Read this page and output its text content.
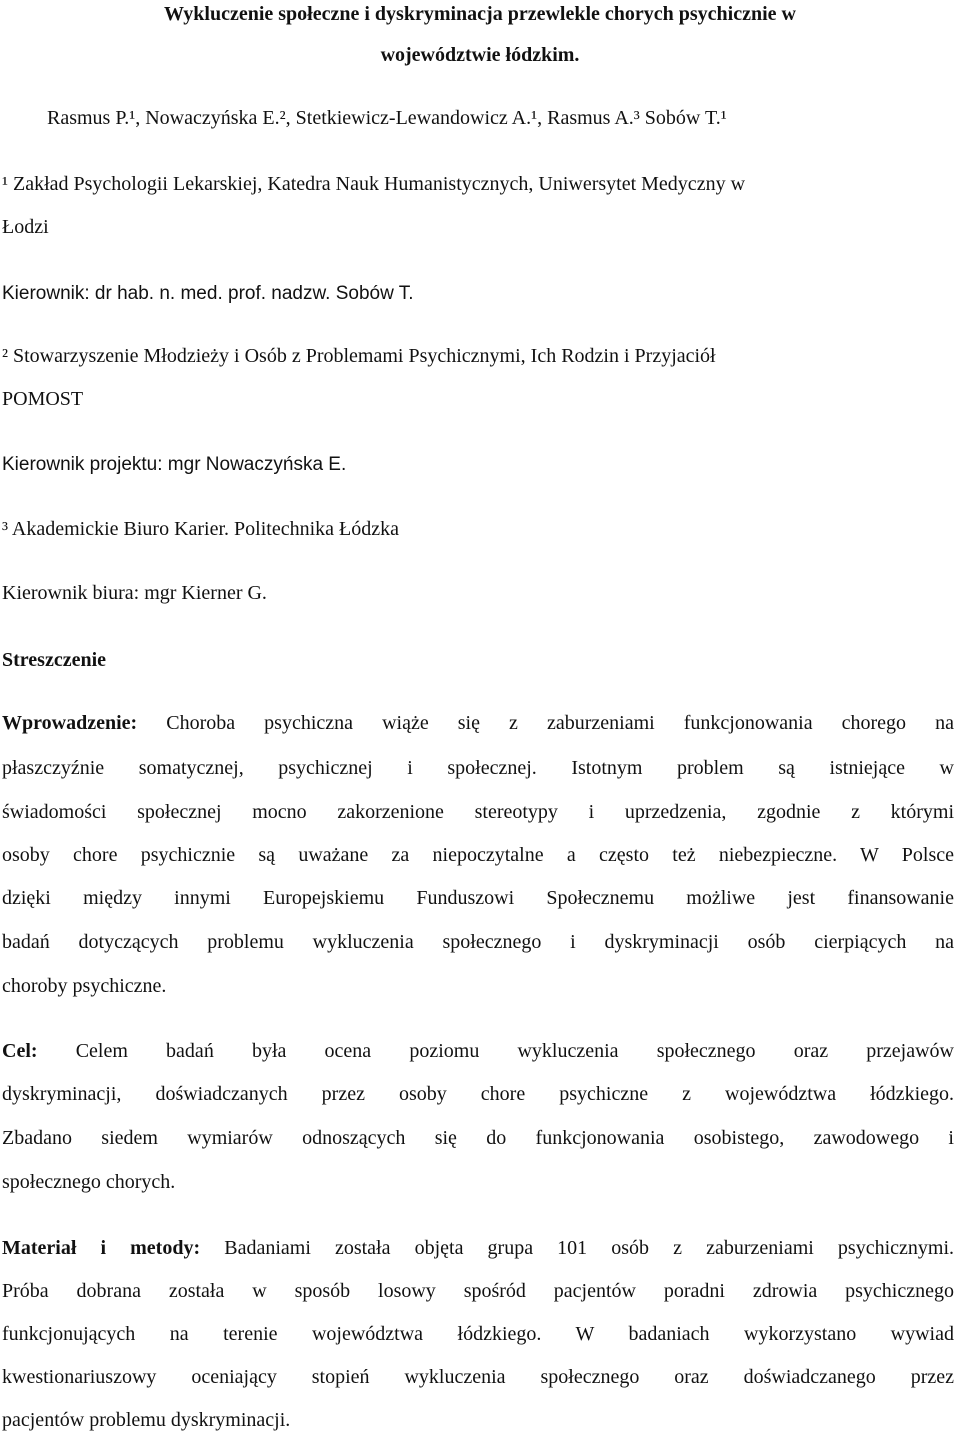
Wykluczenie społeczne i dyskryminacja przewlekle chorych psychicznie w
województwie łódzkim.
Rasmus P.¹, Nowaczyńska E.², Stetkiewicz-Lewandowicz A.¹, Rasmus A.³ Sobów T.¹
¹ Zakład Psychologii Lekarskiej, Katedra Nauk Humanistycznych, Uniwersytet Medyczny w
Łodzi
Kierownik: dr hab. n. med. prof. nadzw. Sobów T.
² Stowarzyszenie Młodzieży i Osób z Problemami Psychicznymi, Ich Rodzin i Przyjaciół
POMOST
Kierownik projektu: mgr Nowaczyńska E.
³ Akademickie Biuro Karier. Politechnika Łódzka
Kierownik biura: mgr Kierner G.
Streszczenie
Wprowadzenie: Choroba psychiczna wiąże się z zaburzeniami funkcjonowania chorego na
płaszczyźnie somatycznej, psychicznej i społecznej. Istotnym problem są istniejące w
świadomości społecznej mocno zakorzenione stereotypy i uprzedzenia, zgodnie z którymi
osoby chore psychicznie są uważane za niepoczytalne a często też niebezpieczne. W Polsce
dzięki między innymi Europejskiemu Funduszowi Społecznemu możliwe jest finansowanie
badań dotyczących problemu wykluczenia społecznego i dyskryminacji osób cierpiących na
choroby psychiczne.
Cel: Celem badań była ocena poziomu wykluczenia społecznego oraz przejawów
dyskryminacji, doświadczanych przez osoby chore psychiczne z województwa łódzkiego.
Zbadano siedem wymiarów odnoszących się do funkcjonowania osobistego, zawodowego i
społecznego chorych.
Materiał i metody: Badaniami została objęta grupa 101 osób z zaburzeniami psychicznymi.
Próba dobrana została w sposób losowy spośród pacjentów poradni zdrowia psychicznego
funkcjonujących na terenie województwa łódzkiego. W badaniach wykorzystano wywiad
kwestionariuszowy oceniający stopień wykluczenia społecznego oraz doświadczanego przez
pacjentów problemu dyskryminacji.
